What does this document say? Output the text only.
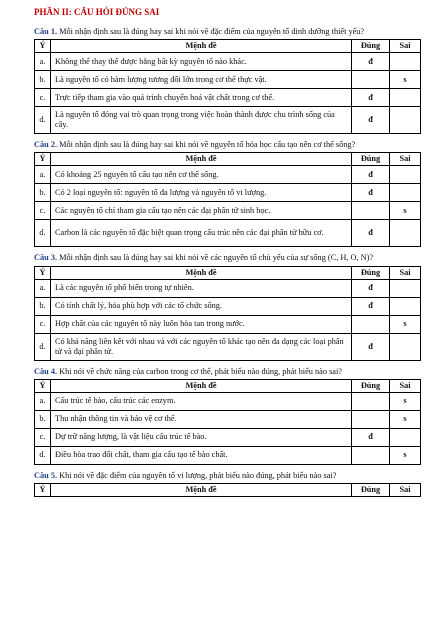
PHẦN II: CÂU HỎI ĐÚNG SAI
Câu 1. Mỗi nhận định sau là đúng hay sai khi nói về đặc điểm của nguyên tố dinh dưỡng thiết yếu?
Ý	Mệnh đề	Đúng	Sai
a.	Không thể thay thế được bằng bất kỳ nguyên tố nào khác.	đ	
b.	Là nguyên tố có hàm lượng tương đối lớn trong cơ thể thực vật.		s
c.	Trực tiếp tham gia vào quá trình chuyển hoá vật chất trong cơ thể.	đ	
d.	Là nguyên tố đóng vai trò quan trọng trong việc hoàn thành được chu trình sống của cây.	đ	
Câu 2. Mỗi nhận định sau là đúng hay sai khi nói về nguyên tố hóa học cấu tạo nên cơ thể sống?
Ý	Mệnh đề	Đúng	Sai
a.	Có khoảng 25 nguyên tố cấu tạo nên cơ thể sống.	đ	
b.	Có 2 loại nguyên tố: nguyên tố đa lượng và nguyên tố vi lượng.	đ	
c.	Các nguyên tố chỉ tham gia cấu tạo nên các đại phân tử sinh học.		s
d.	Carbon là các nguyên tố đặc biệt quan trọng cấu trúc nên các đại phân tử hữu cơ.	đ	
Câu 3. Mỗi nhận định sau là đúng hay sai khi nói về các nguyên tố chủ yếu của sự sống (C, H, O, N)?
Ý	Mệnh đề	Đúng	Sai
a.	Là các nguyên tố phổ biến trong tự nhiên.	đ	
b.	Có tính chất lý, hóa phù hợp với các tổ chức sống.	đ	
c.	Hợp chất của các nguyên tố này luôn hòa tan trong nước.		s
d.	Có khả năng liên kết với nhau và với các nguyên tố khác tạo nên đa dạng các loại phân tử và đại phân tử.	đ	
Câu 4. Khi nói về chức năng của carbon trong cơ thể, phát biểu nào đúng, phát biểu nào sai?
Ý	Mệnh đề	Đúng	Sai
a.	Cấu trúc tế bào, cấu trúc các enzym.		s
b.	Thu nhận thông tin và bảo vệ cơ thể.		s
c.	Dự trữ năng lượng, là vật liệu cấu trúc tế bào.	đ	
d.	Điều hòa trao đổi chất, tham gia cấu tạo tế bào chất.		s
Câu 5. Khi nói về đặc điểm của nguyên tố vi lượng, phát biểu nào đúng, phát biểu nào sai?
Ý	Mệnh đề	Đúng	Sai
